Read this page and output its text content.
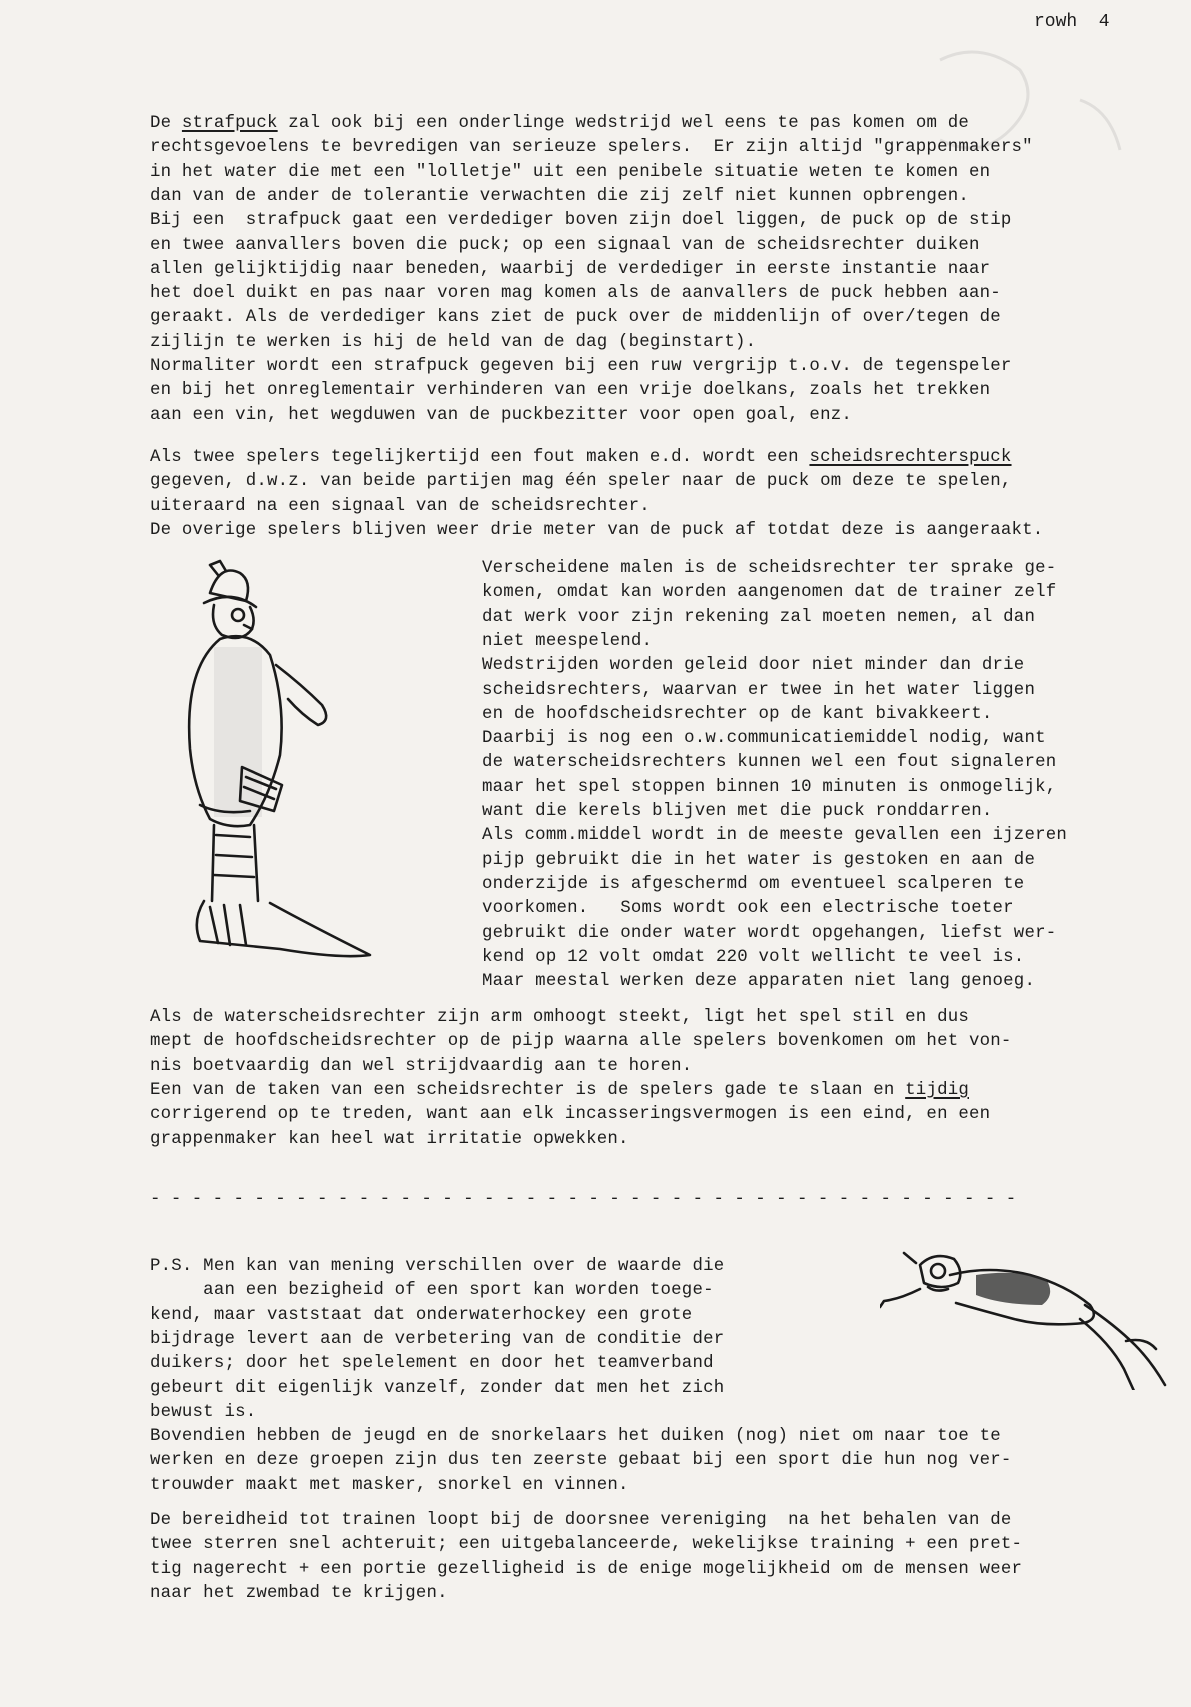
rowh  4
De strafpuck zal ook bij een onderlinge wedstrijd wel eens te pas komen om de
rechtsgevoelens te bevredigen van serieuze spelers.  Er zijn altijd "grappenmakers"
in het water die met een "lolletje" uit een penibele situatie weten te komen en
dan van de ander de tolerantie verwachten die zij zelf niet kunnen opbrengen.
Bij een  strafpuck gaat een verdediger boven zijn doel liggen, de puck op de stip
en twee aanvallers boven die puck; op een signaal van de scheidsrechter duiken
allen gelijktijdig naar beneden, waarbij de verdediger in eerste instantie naar
het doel duikt en pas naar voren mag komen als de aanvallers de puck hebben aan-
geraakt. Als de verdediger kans ziet de puck over de middenlijn of over/tegen de
zijlijn te werken is hij de held van de dag (beginstart).
Normaliter wordt een strafpuck gegeven bij een ruw vergrijp t.o.v. de tegenspeler
en bij het onreglementair verhinderen van een vrije doelkans, zoals het trekken
aan een vin, het wegduwen van de puckbezitter voor open goal, enz.
Als twee spelers tegelijkertijd een fout maken e.d. wordt een scheidsrechterspuck
gegeven, d.w.z. van beide partijen mag één speler naar de puck om deze te spelen,
uiteraard na een signaal van de scheidsrechter.
De overige spelers blijven weer drie meter van de puck af totdat deze is aangeraakt.
Verscheidene malen is de scheidsrechter ter sprake ge-
komen, omdat kan worden aangenomen dat de trainer zelf
dat werk voor zijn rekening zal moeten nemen, al dan
niet meespelend.
Wedstrijden worden geleid door niet minder dan drie
scheidsrechters, waarvan er twee in het water liggen
en de hoofdscheidsrechter op de kant bivakkeert.
Daarbij is nog een o.w.communicatiemiddel nodig, want
de waterscheidsrechters kunnen wel een fout signaleren
maar het spel stoppen binnen 10 minuten is onmogelijk,
want die kerels blijven met die puck ronddarren.
Als comm.middel wordt in de meeste gevallen een ijzeren
pijp gebruikt die in het water is gestoken en aan de
onderzijde is afgeschermd om eventueel scalperen te
voorkomen.   Soms wordt ook een electrische toeter
gebruikt die onder water wordt opgehangen, liefst wer-
kend op 12 volt omdat 220 volt wellicht te veel is.
Maar meestal werken deze apparaten niet lang genoeg.
Als de waterscheidsrechter zijn arm omhoogt steekt, ligt het spel stil en dus
mept de hoofdscheidsrechter op de pijp waarna alle spelers bovenkomen om het von-
nis boetvaardig dan wel strijdvaardig aan te horen.
Een van de taken van een scheidsrechter is de spelers gade te slaan en tijdig
corrigerend op te treden, want aan elk incasseringsvermogen is een eind, en een
grappenmaker kan heel wat irritatie opwekken.
- - - - - - - - - - - - - - - - - - - - - - - - - - - - - - - - - - - - - - - - - -
P.S. Men kan van mening verschillen over de waarde die
aan een bezigheid of een sport kan worden toege-
kend, maar vaststaat dat onderwaterhockey een grote
bijdrage levert aan de verbetering van de conditie der
duikers; door het spelelement en door het teamverband
gebeurt dit eigenlijk vanzelf, zonder dat men het zich
bewust is.
Bovendien hebben de jeugd en de snorkelaars het duiken (nog) niet om naar toe te
werken en deze groepen zijn dus ten zeerste gebaat bij een sport die hun nog ver-
trouwder maakt met masker, snorkel en vinnen.
De bereidheid tot trainen loopt bij de doorsnee vereniging  na het behalen van de
twee sterren snel achteruit; een uitgebalanceerde, wekelijkse training + een pret-
tig nagerecht + een portie gezelligheid is de enige mogelijkheid om de mensen weer
naar het zwembad te krijgen.
